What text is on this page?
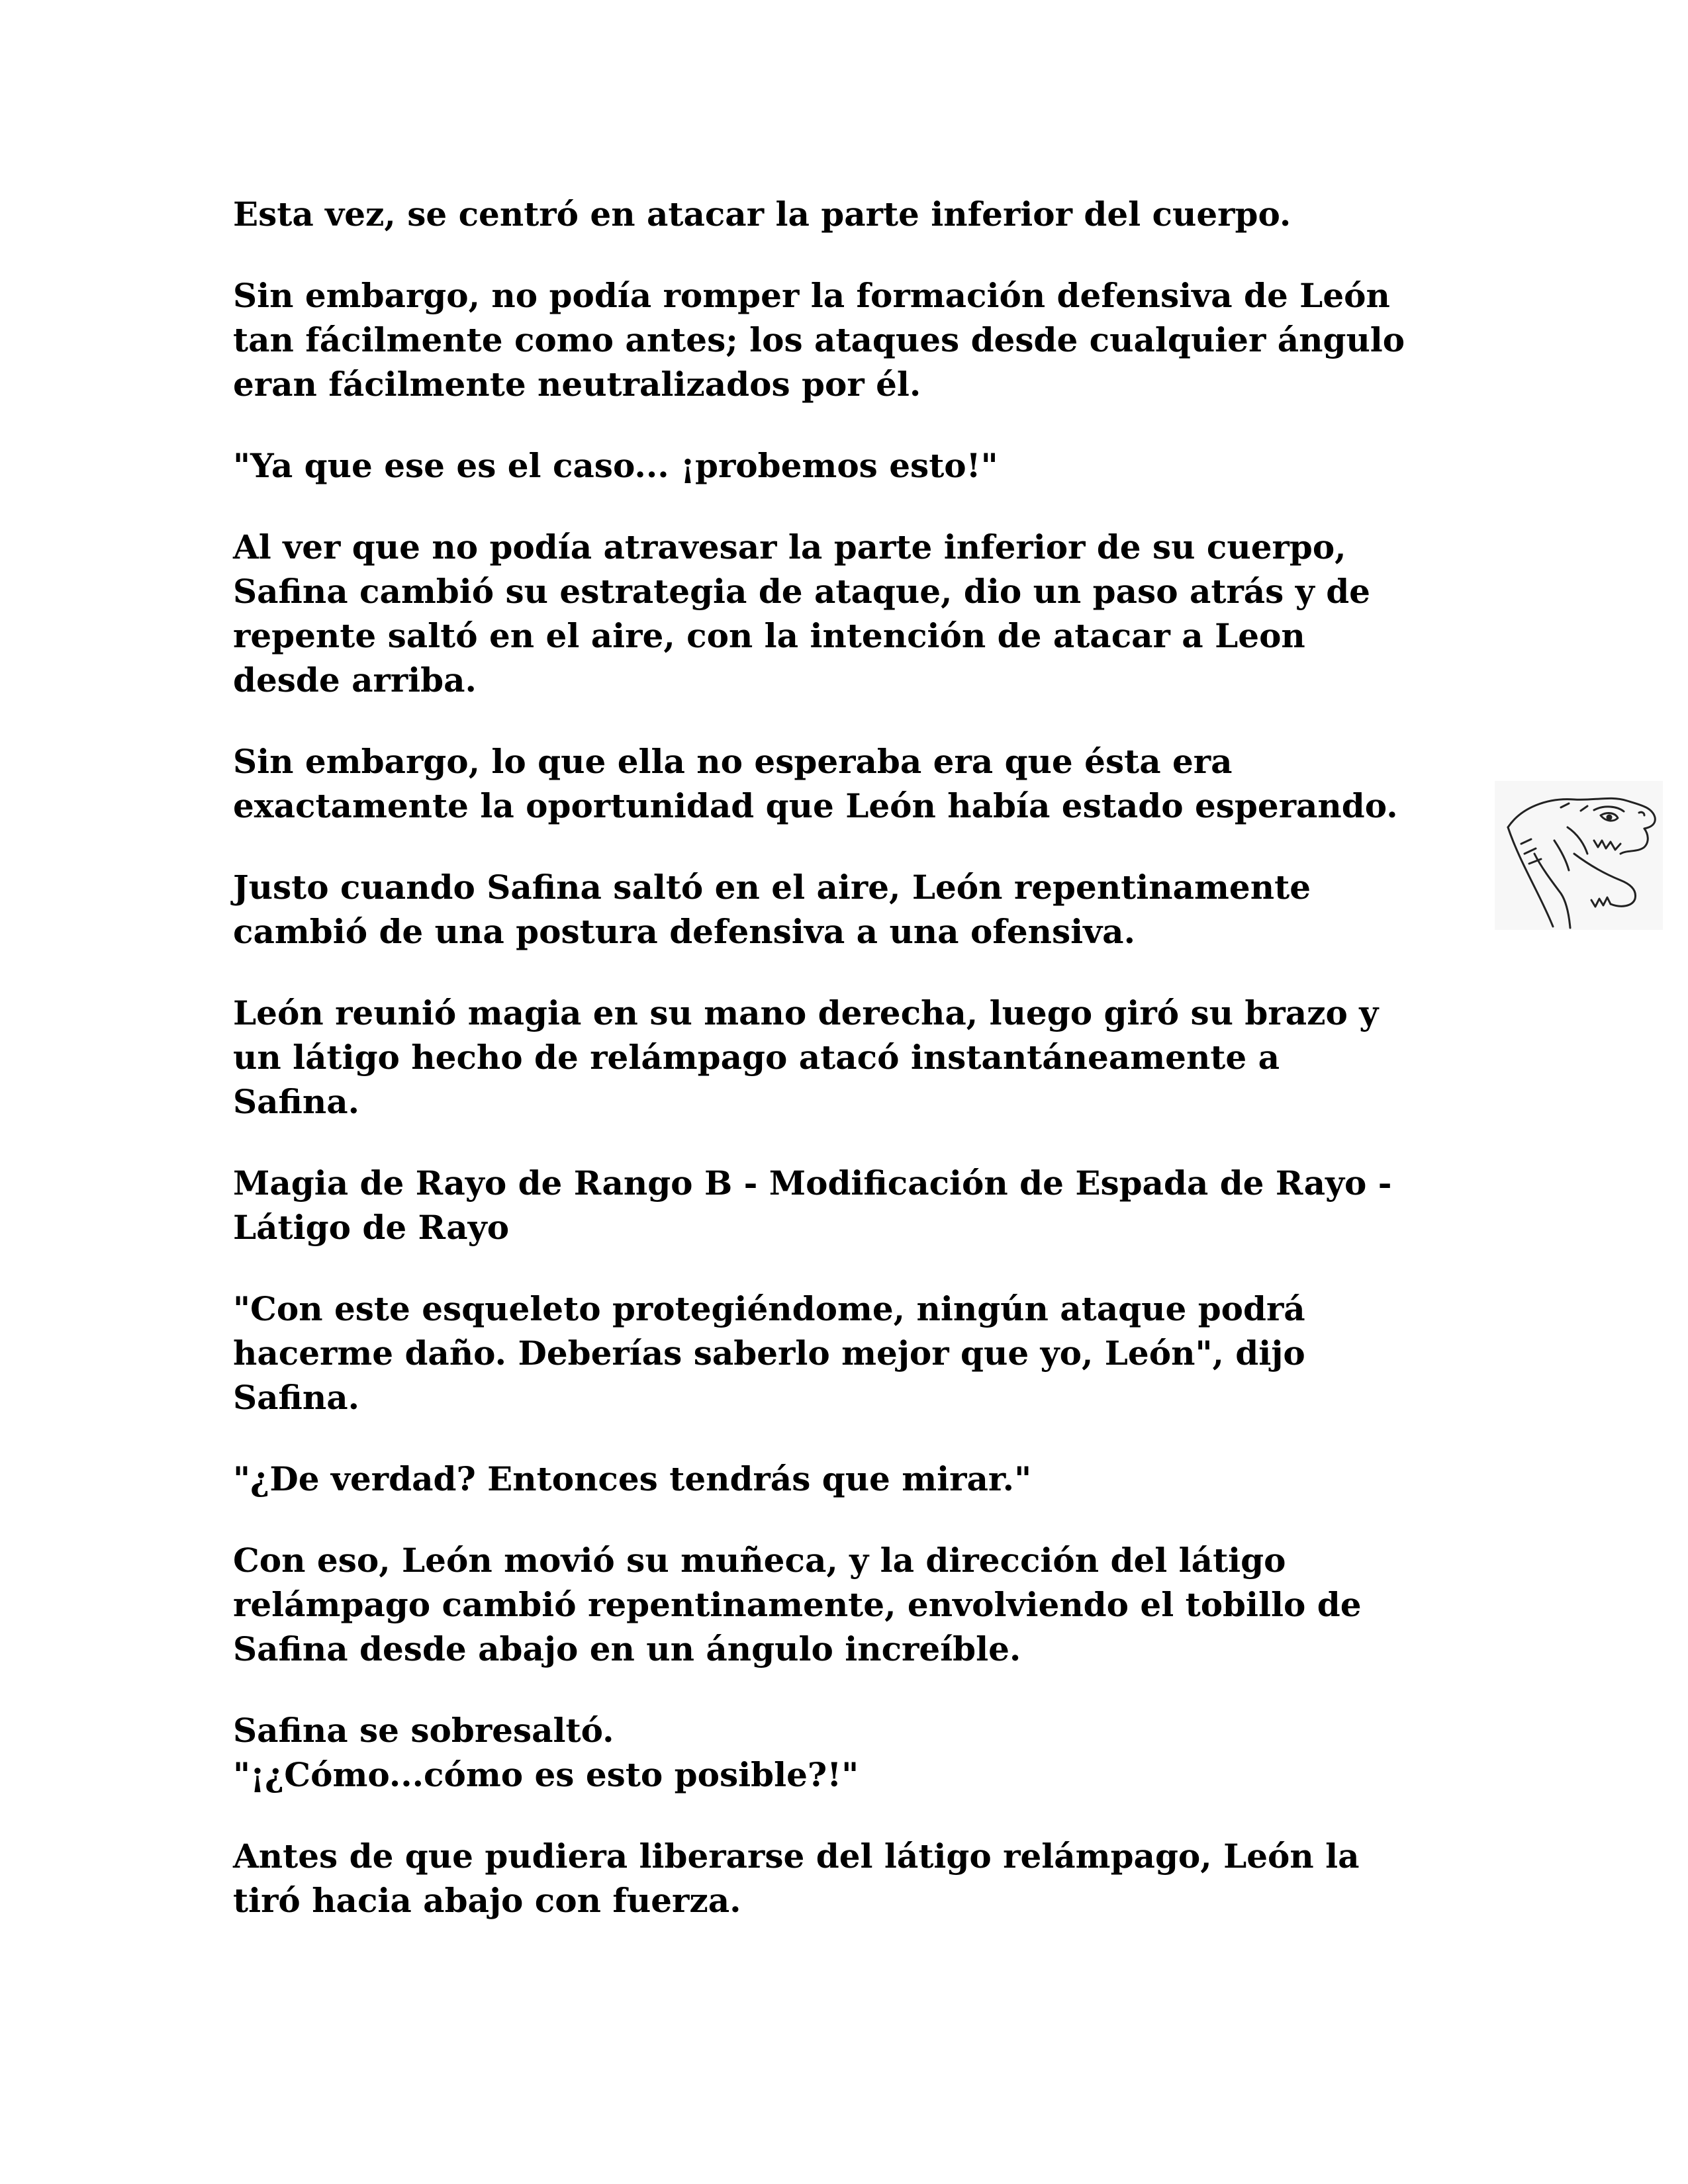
Esta vez, se centró en atacar la parte inferior del cuerpo.

Sin embargo, no podía romper la formación defensiva de León
tan fácilmente como antes; los ataques desde cualquier ángulo
eran fácilmente neutralizados por él.

"Ya que ese es el caso... ¡probemos esto!"

Al ver que no podía atravesar la parte inferior de su cuerpo,
Safina cambió su estrategia de ataque, dio un paso atrás y de
repente saltó en el aire, con la intención de atacar a Leon
desde arriba.

Sin embargo, lo que ella no esperaba era que ésta era
exactamente la oportunidad que León había estado esperando.

Justo cuando Safina saltó en el aire, León repentinamente
cambió de una postura defensiva a una ofensiva.

León reunió magia en su mano derecha, luego giró su brazo y
un látigo hecho de relámpago atacó instantáneamente a
Safina.

Magia de Rayo de Rango B - Modificación de Espada de Rayo -
Látigo de Rayo

"Con este esqueleto protegiéndome, ningún ataque podrá
hacerme daño. Deberías saberlo mejor que yo, León", dijo
Safina.

"¿De verdad? Entonces tendrás que mirar."

Con eso, León movió su muñeca, y la dirección del látigo
relámpago cambió repentinamente, envolviendo el tobillo de
Safina desde abajo en un ángulo increíble.

Safina se sobresaltó.
"¡¿Cómo...cómo es esto posible?!"

Antes de que pudiera liberarse del látigo relámpago, León la
tiró hacia abajo con fuerza.
